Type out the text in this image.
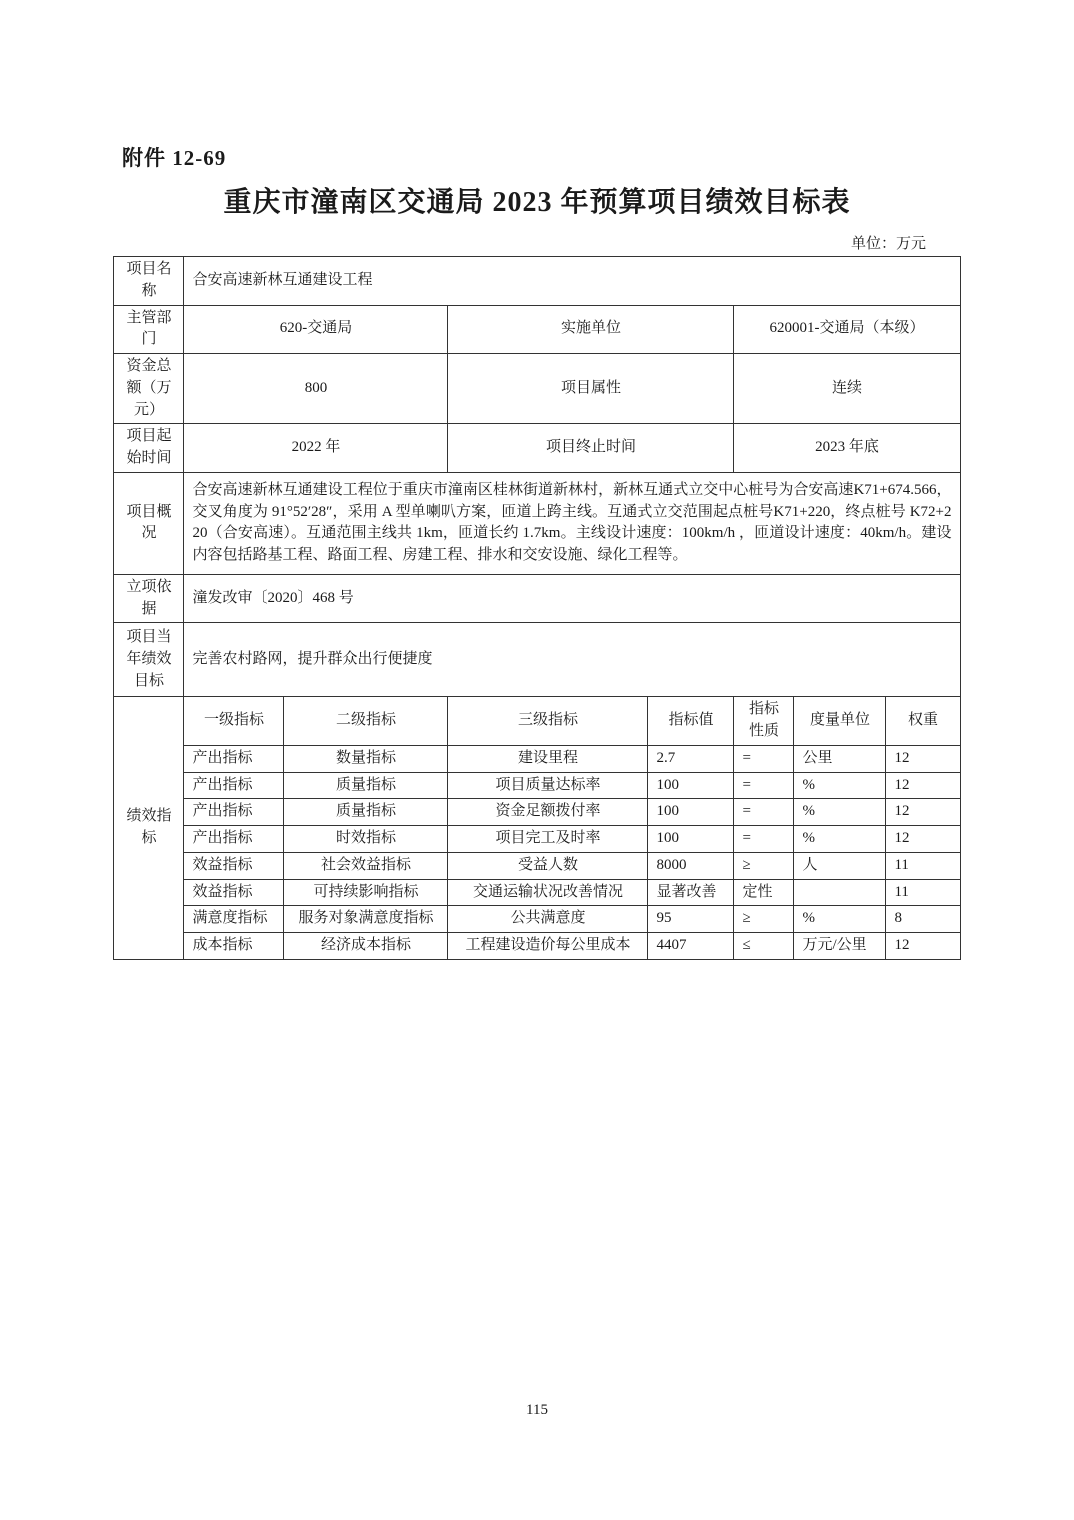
附件 12-69
重庆市潼南区交通局 2023 年预算项目绩效目标表
单位：万元
项目名称	合安高速新林互通建设工程						
主管部门	620-交通局		实施单位		620001-交通局（本级）		
资金总额（万元）	800		项目属性		连续		
项目起始时间	2022 年		项目终止时间		2023 年底		
项目概况	合安高速新林互通建设工程位于重庆市潼南区桂林街道新林村，新林互通式立交中心桩号为合安高速K71+674.566，交叉角度为 91°52′28″，采用 A 型单喇叭方案，匝道上跨主线。互通式立交范围起点桩号K71+220，终点桩号 K72+220（合安高速）。互通范围主线共 1km，匝道长约 1.7km。主线设计速度：100km/h ，匝道设计速度：40km/h。建设内容包括路基工程、路面工程、房建工程、排水和交安设施、绿化工程等。						
立项依据	潼发改审〔2020〕468 号						
项目当年绩效目标	完善农村路网，提升群众出行便捷度						
绩效指标	一级指标	二级指标	三级指标	指标值	指标性质	度量单位	权重
	产出指标	数量指标	建设里程	2.7	=	公里	12
	产出指标	质量指标	项目质量达标率	100	=	%	12
	产出指标	质量指标	资金足额拨付率	100	=	%	12
	产出指标	时效指标	项目完工及时率	100	=	%	12
	效益指标	社会效益指标	受益人数	8000	≥	人	11
	效益指标	可持续影响指标	交通运输状况改善情况	显著改善	定性		11
	满意度指标	服务对象满意度指标	公共满意度	95	≥	%	8
	成本指标	经济成本指标	工程建设造价每公里成本	4407	≤	万元/公里	12
115
